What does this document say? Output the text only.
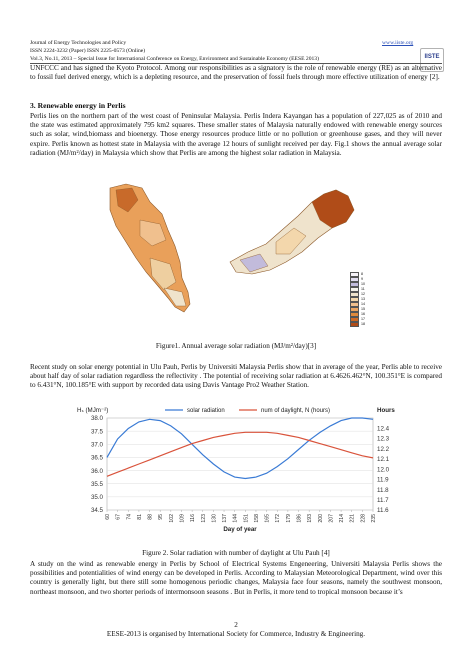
Journal of Energy Technologies and Policy	www.iiste.org
ISSN 2224-3232 (Paper) ISSN 2225-0573 (Online)
Vol.3, No.11, 2013 – Special Issue for International Conference on Energy, Environment and Sustainable Economy (EESE 2013)	IISTE
UNFCCC and has signed the Kyoto Protocol. Among our responsibilities as a signatory is the role of renewable energy (RE) as an alternative to fossil fuel derived energy, which is a depleting resource, and the preservation of fossil fuels through more effective utilization of energy [2].
3. Renewable energy in Perlis
Perlis lies on the northern part of the west coast of Peninsular Malaysia. Perlis Indera Kayangan has a population of 227,025 as of 2010 and the state was estimated approximately 795 km2 squares. These smaller states of Malaysia naturally endowed with renewable energy sources such as solar, wind,biomass and bioenergy. Those energy resources produce little or no pollution or greenhouse gases, and they will never expire. Perlis known as hottest state in Malaysia with the average 12 hours of sunlight received per day. Fig.1 shows the annual average solar radiation (MJ/m²/day) in Malaysia which show that Perlis are among the highest solar radiation in Malaysia.
8
9
10
11
12
13
14
15
16
17
18
Figure1. Annual average solar radiation (MJ/m²/day)[3]
Recent study on solar energy potential in Ulu Pauh, Perlis by Universiti Malaysia Perlis show that in average of the year, Perlis able to receive about half day of solar radiation regardless the reflectivity . The potential of receiving solar radiation at 6.4626.462°N, 100.351°E is compared to 6.431°N, 100.185°E with support by recorded data using Davis Vantage Pro2 Weather Station.
34.5
35.0
35.5
36.0
36.5
37.0
37.5
38.0
11.6
11.7
11.8
11.9
12.0
12.1
12.2
12.3
12.4
60 67 74 81 88 95 102 109 116 123 130 137 144 151 158 165 172 179 186 193 200 207 214 221 228 235
Hₛ (MJm⁻²)	Hours
Day of year
solar radiation	num of daylight, N (hours)
Figure 2. Solar radiation with number of daylight at Ulu Pauh [4]
A study on the wind as renewable energy in Perlis by School of Electrical Systems Engeneering, Universiti Malaysia Perlis shows the possibilities and potentialities of wind energy can be developed in Perlis. According to Malaysian Meteorological Department, wind over this country is generally light, but there still some homogenous periodic changes, Malaysia face four seasons, namely the southwest monsoon, northeast monsoon, and two shorter periods of intermonsoon seasons . But in Perlis, it more tend to tropical monsoon because it’s
2
EESE-2013 is organised by International Society for Commerce, Industry & Engineering.
